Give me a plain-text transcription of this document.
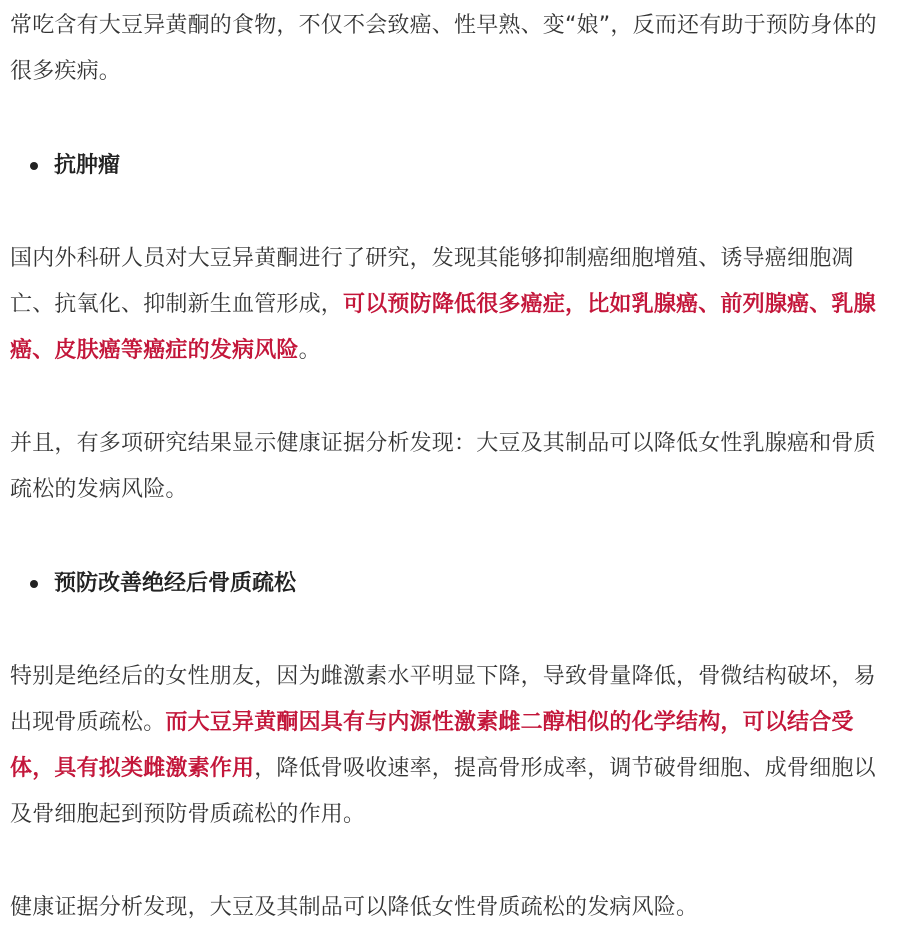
常吃含有大豆异黄酮的食物，不仅不会致癌、性早熟、变“娘”，反而还有助于预防身体的很多疾病。

抗肿瘤

国内外科研人员对大豆异黄酮进行了研究，发现其能够抑制癌细胞增殖、诱导癌细胞凋亡、抗氧化、抑制新生血管形成，可以预防降低很多癌症，比如乳腺癌、前列腺癌、乳腺癌、皮肤癌等癌症的发病风险。

并且，有多项研究结果显示健康证据分析发现：大豆及其制品可以降低女性乳腺癌和骨质疏松的发病风险。

预防改善绝经后骨质疏松

特别是绝经后的女性朋友，因为雌激素水平明显下降，导致骨量降低，骨微结构破坏，易出现骨质疏松。而大豆异黄酮因具有与内源性激素雌二醇相似的化学结构，可以结合受体，具有拟类雌激素作用，降低骨吸收速率，提高骨形成率，调节破骨细胞、成骨细胞以及骨细胞起到预防骨质疏松的作用。

健康证据分析发现，大豆及其制品可以降低女性骨质疏松的发病风险。
